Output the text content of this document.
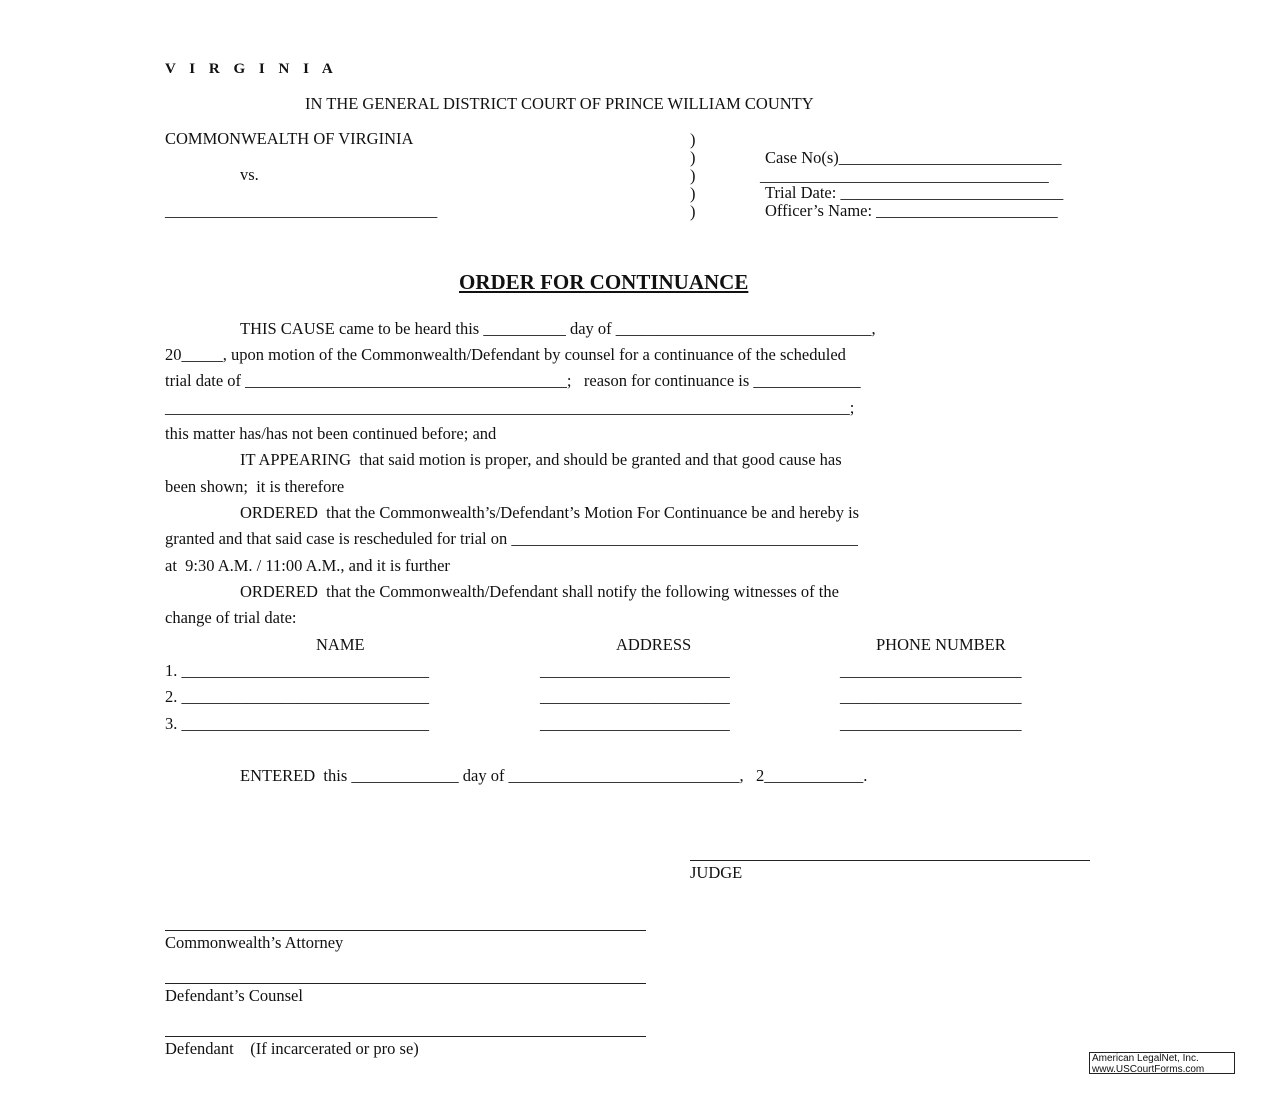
V I R G I N I A
IN THE GENERAL DISTRICT COURT OF PRINCE WILLIAM COUNTY
COMMONWEALTH OF VIRGINIA
vs.
_________________________________
)
)
)
)
)
Case No(s)___________________________
___________________________________
Trial Date: ___________________________
Officer’s Name: ______________________
ORDER FOR CONTINUANCE
THIS CAUSE came to be heard this __________ day of _______________________________,
20_____, upon motion of the Commonwealth/Defendant by counsel for a continuance of the scheduled
trial date of _______________________________________;   reason for continuance is _____________
___________________________________________________________________________________;
this matter has/has not been continued before; and
IT APPEARING  that said motion is proper, and should be granted and that good cause has
been shown;  it is therefore
ORDERED  that the Commonwealth’s/Defendant’s Motion For Continuance be and hereby is
granted and that said case is rescheduled for trial on __________________________________________
at  9:30 A.M. / 11:00 A.M., and it is further
ORDERED  that the Commonwealth/Defendant shall notify the following witnesses of the
change of trial date:
NAME	ADDRESS	PHONE NUMBER
1. ______________________________	_______________________	______________________
2. ______________________________	_______________________	______________________
3. ______________________________	_______________________	______________________
ENTERED  this _____________ day of ____________________________,   2____________.
JUDGE
Commonwealth’s Attorney
Defendant’s Counsel
Defendant    (If incarcerated or pro se)
American LegalNet, Inc.
www.USCourtForms.com
